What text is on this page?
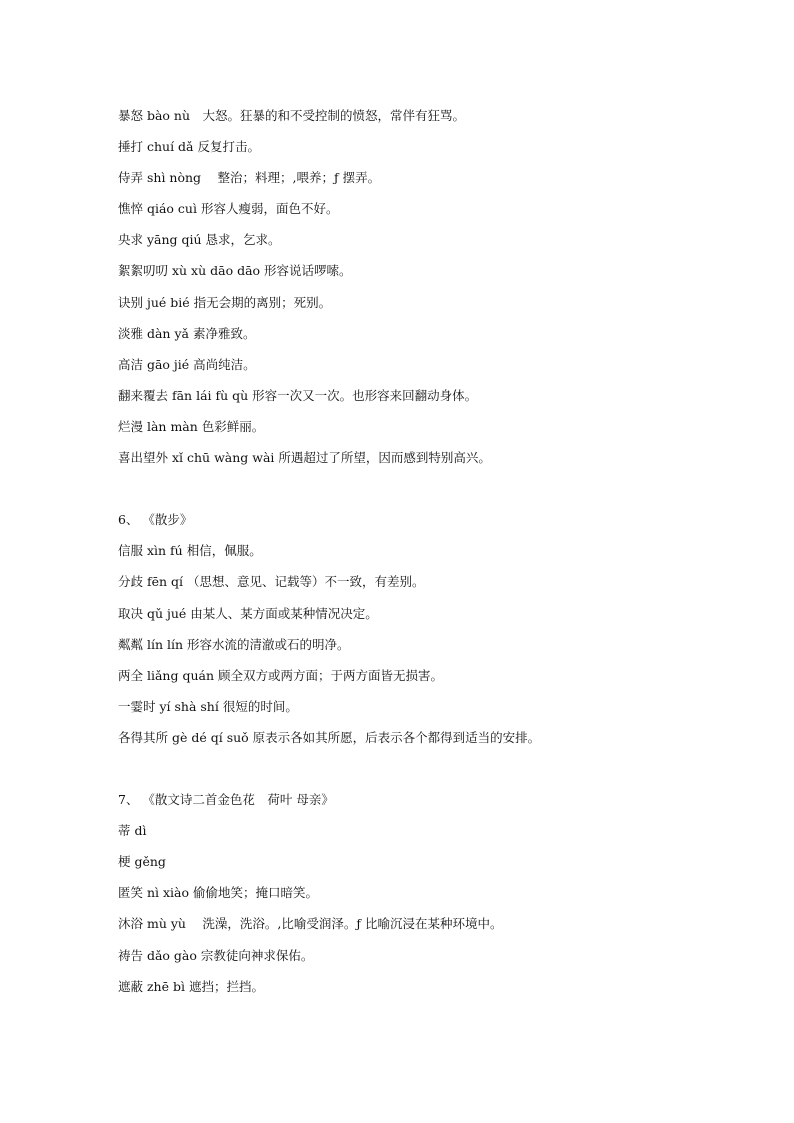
暴怒 bào nù　大怒。狂暴的和不受控制的愤怒，常伴有狂骂。
捶打 chuí dǎ 反复打击。
侍弄 shì nòng　 整治；料理；,喂养；ƒ 摆弄。
憔悴 qiáo cuì 形容人瘦弱，面色不好。
央求 yāng qiú 恳求，乞求。
絮絮叨叨 xù xù dāo dāo 形容说话啰嗦。
诀别 jué bié 指无会期的离别；死别。
淡雅 dàn yǎ 素净雅致。
高洁 gāo jié 高尚纯洁。
翻来覆去 fān lái fù qù 形容一次又一次。也形容来回翻动身体。
烂漫 làn màn 色彩鲜丽。
喜出望外 xǐ chū wàng wài 所遇超过了所望，因而感到特别高兴。
6、 《散步》
信服 xìn fú 相信，佩服。
分歧 fēn qí （思想、意见、记载等）不一致，有差别。
取决 qǔ jué 由某人、某方面或某种情况决定。
粼粼 lín lín 形容水流的清澈或石的明净。
两全 liǎng quán 顾全双方或两方面；于两方面皆无损害。
一霎时 yí shà shí 很短的时间。
各得其所 gè dé qí suǒ 原表示各如其所愿，后表示各个都得到适当的安排。
7、 《散文诗二首金色花　荷叶 母亲》
蒂 dì
梗 gěng
匿笑 nì xiào 偷偷地笑；掩口暗笑。
沐浴 mù yù 　洗澡，洗浴。,比喻受润泽。ƒ 比喻沉浸在某种环境中。
祷告 dǎo gào 宗教徒向神求保佑。
遮蔽 zhē bì 遮挡；拦挡。
